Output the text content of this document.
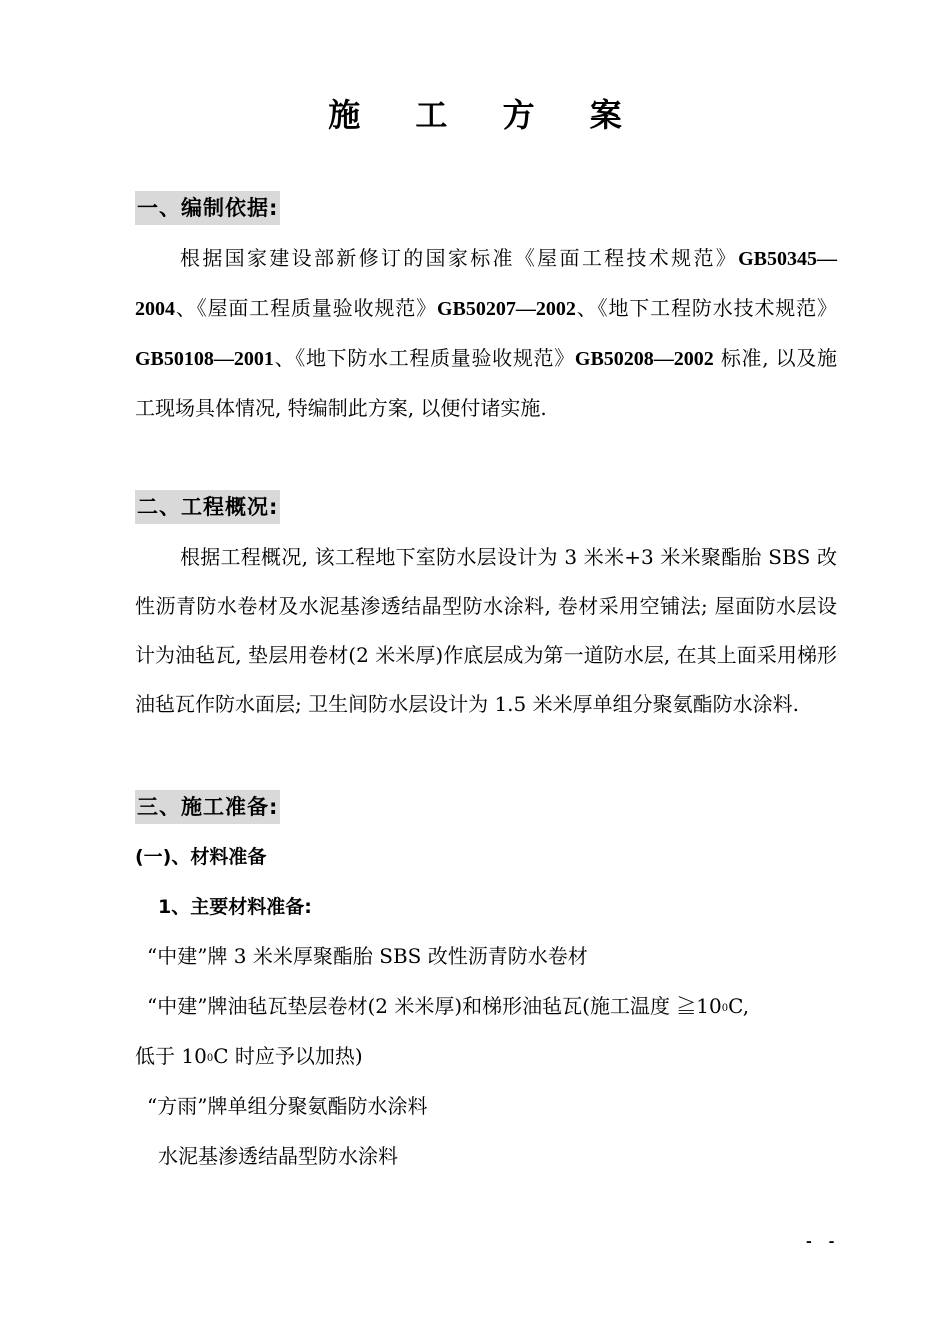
施 工 方 案
一、编制依据:
根据国家建设部新修订的国家标准《屋面工程技术规范》GB50345—2004、《屋面工程质量验收规范》GB50207—2002、《地下工程防水技术规范》GB50108—2001、《地下防水工程质量验收规范》GB50208—2002 标准, 以及施工现场具体情况, 特编制此方案, 以便付诸实施.
二、工程概况:
根据工程概况, 该工程地下室防水层设计为 3 米米+3 米米聚酯胎 SBS 改性沥青防水卷材及水泥基渗透结晶型防水涂料, 卷材采用空铺法; 屋面防水层设计为油毡瓦, 垫层用卷材(2 米米厚)作底层成为第一道防水层, 在其上面采用梯形油毡瓦作防水面层; 卫生间防水层设计为 1.5 米米厚单组分聚氨酯防水涂料.
三、施工准备:
(一)、材料准备
1、主要材料准备:
“中建”牌 3 米米厚聚酯胎 SBS 改性沥青防水卷材
“中建”牌油毡瓦垫层卷材(2 米米厚)和梯形油毡瓦(施工温度 $≧10^0C$,
低于 $10^0C$ 时应予以加热)
“方雨”牌单组分聚氨酯防水涂料
水泥基渗透结晶型防水涂料
- -
